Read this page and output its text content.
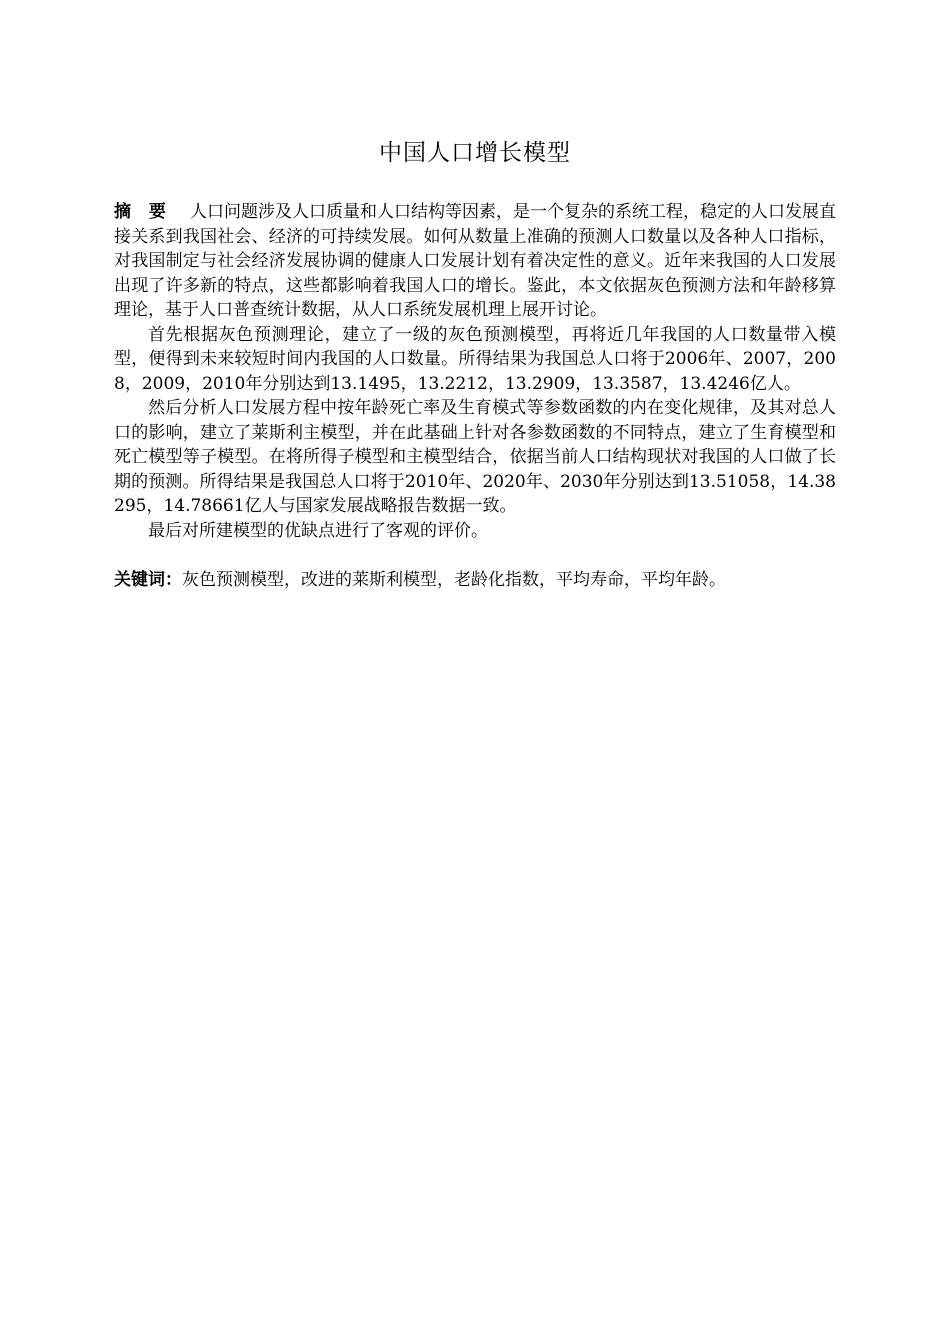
中国人口增长模型

摘 要 人口问题涉及人口质量和人口结构等因素，是一个复杂的系统工程，稳定的人口发展直接关系到我国社会、经济的可持续发展。如何从数量上准确的预测人口数量以及各种人口指标，对我国制定与社会经济发展协调的健康人口发展计划有着决定性的意义。近年来我国的人口发展出现了许多新的特点，这些都影响着我国人口的增长。鉴此，本文依据灰色预测方法和年龄移算理论，基于人口普查统计数据，从人口系统发展机理上展开讨论。

首先根据灰色预测理论，建立了一级的灰色预测模型，再将近几年我国的人口数量带入模型，便得到未来较短时间内我国的人口数量。所得结果为我国总人口将于2006年、2007，2008，2009，2010年分别达到13.1495，13.2212，13.2909，13.3587，13.4246亿人。

然后分析人口发展方程中按年龄死亡率及生育模式等参数函数的内在变化规律，及其对总人口的影响，建立了莱斯利主模型，并在此基础上针对各参数函数的不同特点，建立了生育模型和死亡模型等子模型。在将所得子模型和主模型结合，依据当前人口结构现状对我国的人口做了长期的预测。所得结果是我国总人口将于2010年、2020年、2030年分别达到13.51058，14.38295，14.78661亿人与国家发展战略报告数据一致。

最后对所建模型的优缺点进行了客观的评价。

关键词：灰色预测模型，改进的莱斯利模型，老龄化指数，平均寿命，平均年龄。
